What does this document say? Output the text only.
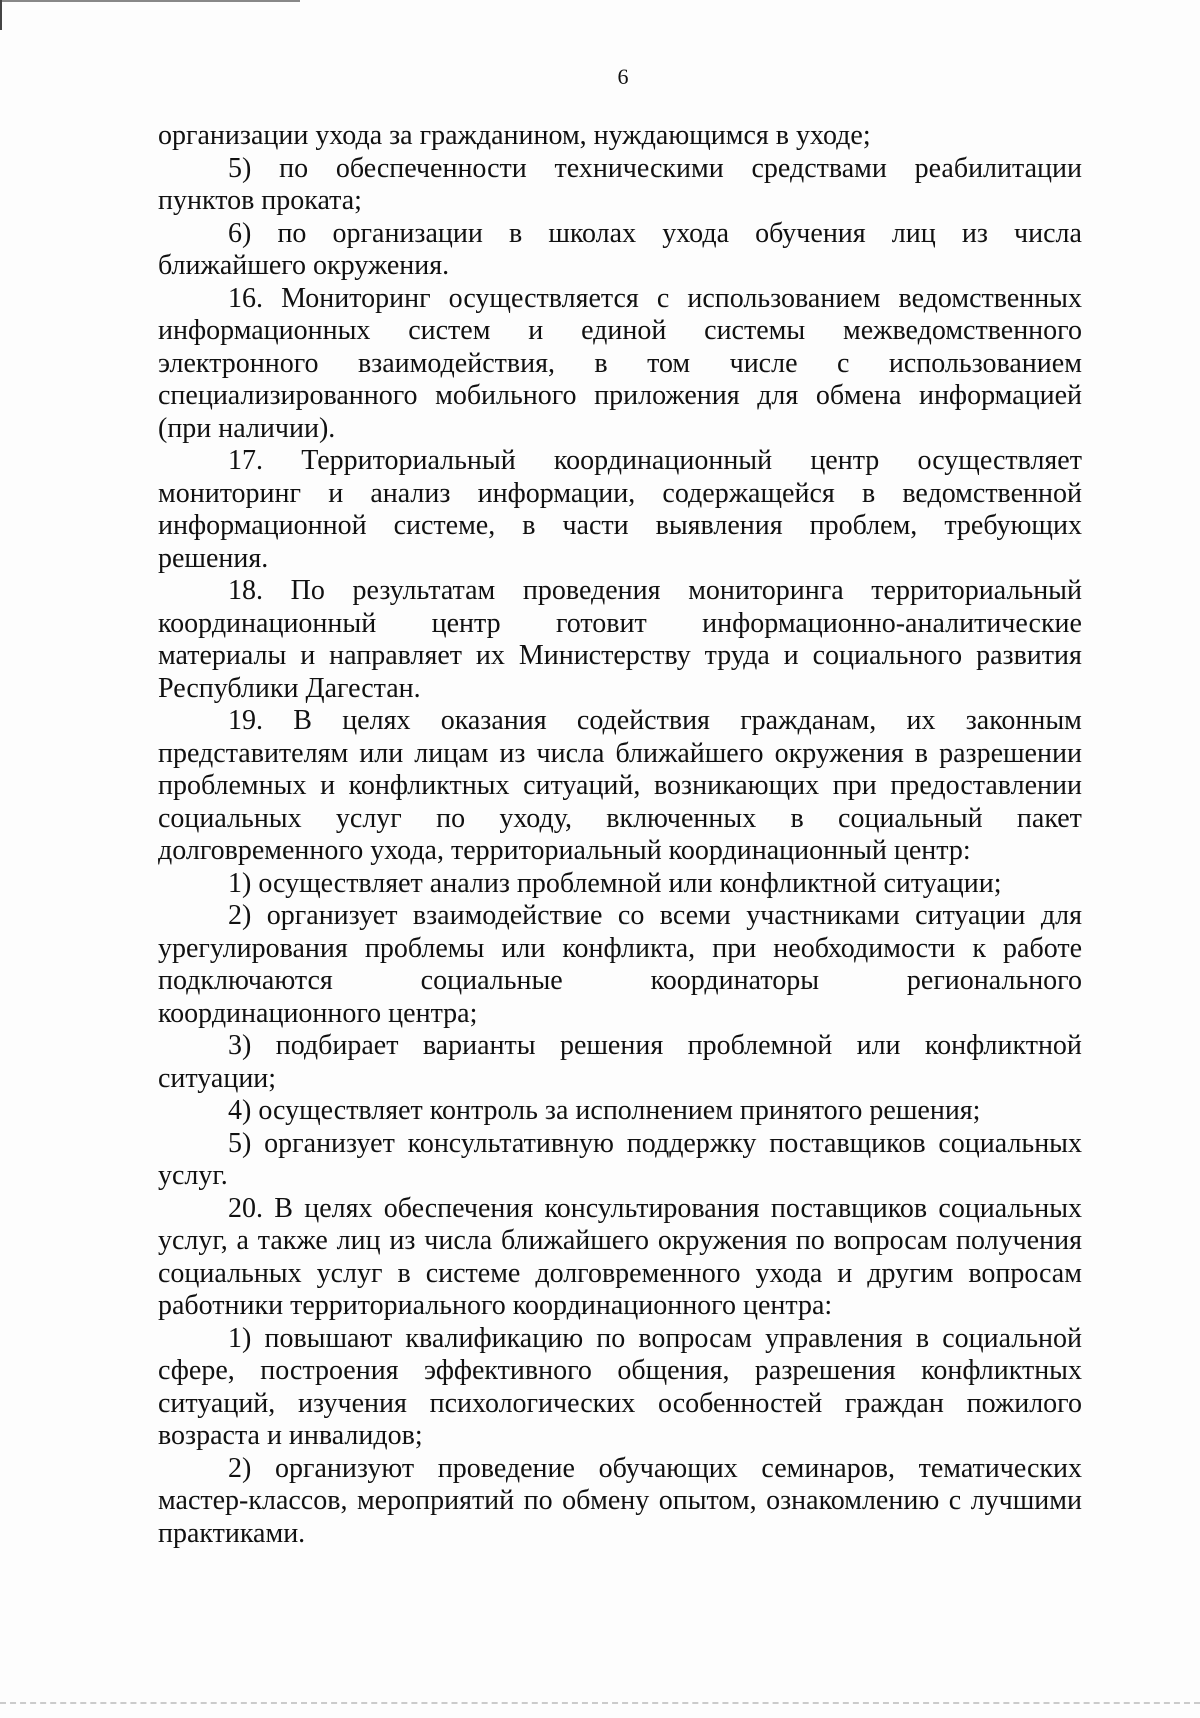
6
организации ухода за гражданином, нуждающимся в уходе;
5) по обеспеченности техническими средствами реабилитации
пунктов проката;
6) по организации в школах ухода обучения лиц из числа
ближайшего окружения.
16. Мониторинг осуществляется с использованием ведомственных
информационных систем и единой системы межведомственного
электронного взаимодействия, в том числе с использованием
специализированного мобильного приложения для обмена информацией
(при наличии).
17. Территориальный координационный центр осуществляет
мониторинг и анализ информации, содержащейся в ведомственной
информационной системе, в части выявления проблем, требующих
решения.
18. По результатам проведения мониторинга территориальный
координационный центр готовит информационно-аналитические
материалы и направляет их Министерству труда и социального развития
Республики Дагестан.
19. В целях оказания содействия гражданам, их законным
представителям или лицам из числа ближайшего окружения в разрешении
проблемных и конфликтных ситуаций, возникающих при предоставлении
социальных услуг по уходу, включенных в социальный пакет
долговременного ухода, территориальный координационный центр:
1) осуществляет анализ проблемной или конфликтной ситуации;
2) организует взаимодействие со всеми участниками ситуации для
урегулирования проблемы или конфликта, при необходимости к работе
подключаются	социальные	координаторы	регионального
координационного центра;
3) подбирает варианты решения проблемной или конфликтной
ситуации;
4) осуществляет контроль за исполнением принятого решения;
5) организует консультативную поддержку поставщиков социальных
услуг.
20. В целях обеспечения консультирования поставщиков социальных
услуг, а также лиц из числа ближайшего окружения по вопросам получения
социальных услуг в системе долговременного ухода и другим вопросам
работники территориального координационного центра:
1) повышают квалификацию по вопросам управления в социальной
сфере, построения эффективного общения, разрешения конфликтных
ситуаций, изучения психологических особенностей граждан пожилого
возраста и инвалидов;
2) организуют проведение обучающих семинаров, тематических
мастер-классов, мероприятий по обмену опытом, ознакомлению с лучшими
практиками.
